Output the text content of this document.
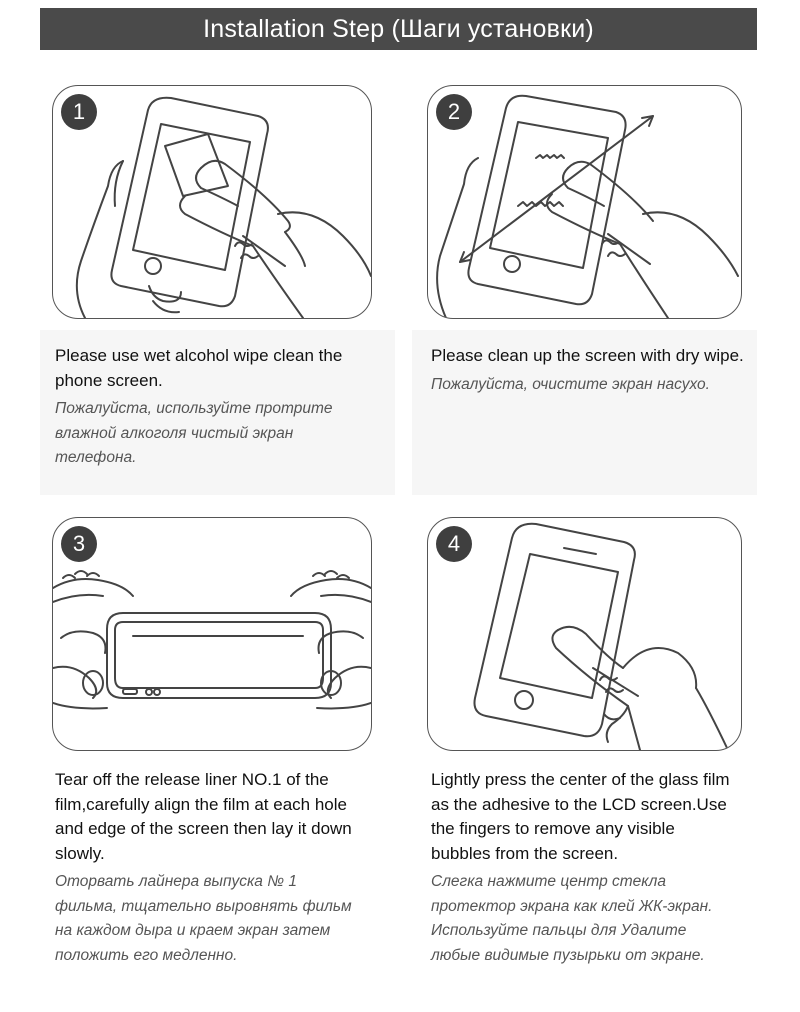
Installation Step (Шаги установки)
1	2
3	4

Please use wet alcohol wipe clean the phone screen.

Пожалуйста, используйте протрите влажной алкоголя чистый экран телефона.

Please clean up the screen with dry wipe.

Пожалуйста, очистите экран насухо.

Tear off the release liner NO.1 of the film,carefully align the film at each hole and edge of the screen then lay it down slowly.

Оторвать лайнера выпуска № 1 фильма, тщательно выровнять фильм на каждом дыра и краем экран затем положить его медленно.

Lightly press the center of the glass film as the adhesive to the LCD screen.Use the fingers to remove any visible bubbles from the screen.

Слегка нажмите центр стекла протектор экрана как клей ЖК-экран. Используйте пальцы для Удалите любые видимые пузырьки от экране.
